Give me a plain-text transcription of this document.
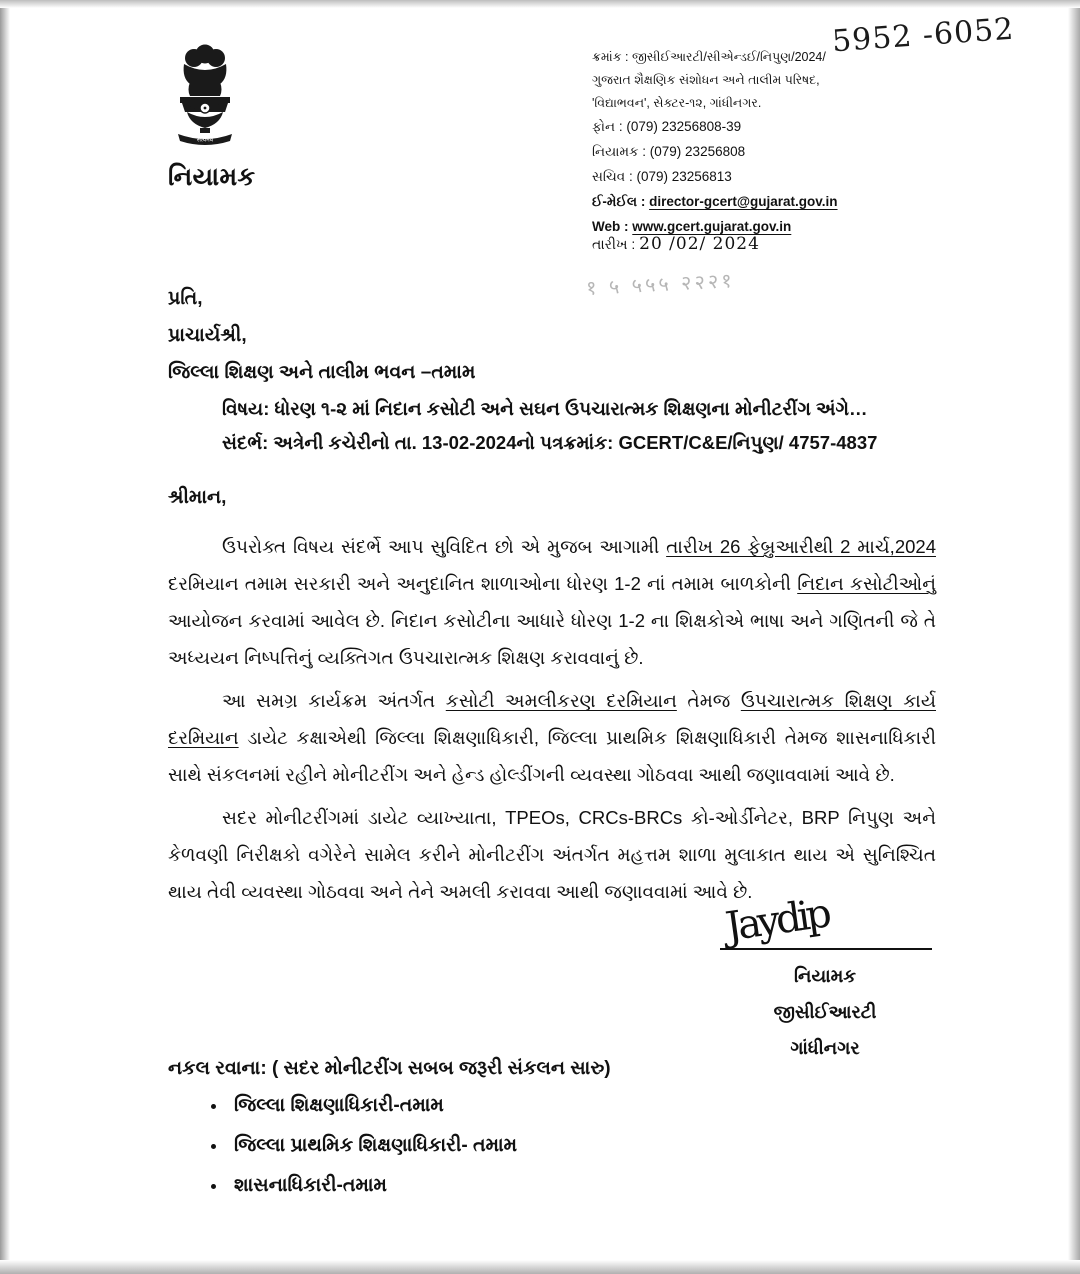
सत्यमेव
નિયામક
5952 -6052
१ ५ ५५५ २२२१
ક્રમાંક : જીસીઈઆરટી/સીએન્ડઈ/નિપુણ/2024/
ગુજરાત શૈક્ષણિક સંશોધન અને તાલીમ પરિષદ,
'વિદ્યાભવન', સેક્ટર-૧૨, ગાંધીનગર.
ફોન : (079) 23256808-39
નિયામક : (079) 23256808
સચિવ : (079) 23256813
ઈ-મેઈલ : director-gcert@gujarat.gov.in
Web : www.gcert.gujarat.gov.in
તારીખ : 20 /02/ 2024
પ્રતિ,
પ્રાચાર્યશ્રી,
જિલ્લા શિક્ષણ અને તાલીમ ભવન –તમામ
વિષય: ધોરણ ૧-૨ માં નિદાન કસોટી અને સઘન ઉપચારાત્મક શિક્ષણના મોનીટરીંગ અંગે…
સંદર્ભ: અત્રેની કચેરીનો તા. 13-02-2024નો પત્રક્રમાંક: GCERT/C&E/નિપુણ/ 4757-4837
શ્રીમાન,

ઉપરોક્ત વિષય સંદર્ભે આપ સુવિદિત છો એ મુજબ આગામી તારીખ 26 ફેબ્રુઆરીથી 2 માર્ચ,2024 દરમિયાન તમામ સરકારી અને અનુદાનિત શાળાઓના ધોરણ 1-2 નાં તમામ બાળકોની નિદાન કસોટીઓનું આયોજન કરવામાં આવેલ છે. નિદાન કસોટીના આધારે ધોરણ 1-2 ના શિક્ષકોએ ભાષા અને ગણિતની જે તે અધ્યયન નિષ્પત્તિનું વ્યક્તિગત ઉપચારાત્મક શિક્ષણ કરાવવાનું છે.

આ સમગ્ર કાર્યક્રમ અંતર્ગત કસોટી અમલીકરણ દરમિયાન તેમજ ઉપચારાત્મક શિક્ષણ કાર્ય દરમિયાન ડાયેટ કક્ષાએથી જિલ્લા શિક્ષણાધિકારી, જિલ્લા પ્રાથમિક શિક્ષણાધિકારી તેમજ શાસનાધિકારી સાથે સંકલનમાં રહીને મોનીટરીંગ અને હેન્ડ હોલ્ડીંગની વ્યવસ્થા ગોઠવવા આથી જણાવવામાં આવે છે.

સદર મોનીટરીંગમાં ડાયેટ વ્યાખ્યાતા, TPEOs, CRCs-BRCs કો-ઓર્ડીનેટર, BRP નિપુણ અને કેળવણી નિરીક્ષકો વગેરેને સામેલ કરીને મોનીટરીંગ અંતર્ગત મહત્તમ શાળા મુલાકાત થાય એ સુનિશ્ચિત થાય તેવી વ્યવસ્થા ગોઠવવા અને તેને અમલી કરાવવા આથી જણાવવામાં આવે છે.

Jaydip
નિયામક
જીસીઈઆરટી
ગાંધીનગર
નકલ રવાના: ( સદર મોનીટરીંગ સબબ જરૂરી સંકલન સારુ)
• જિલ્લા શિક્ષણાધિકારી-તમામ
• જિલ્લા પ્રાથમિક શિક્ષણાધિકારી- તમામ
• શાસનાધિકારી-તમામ
